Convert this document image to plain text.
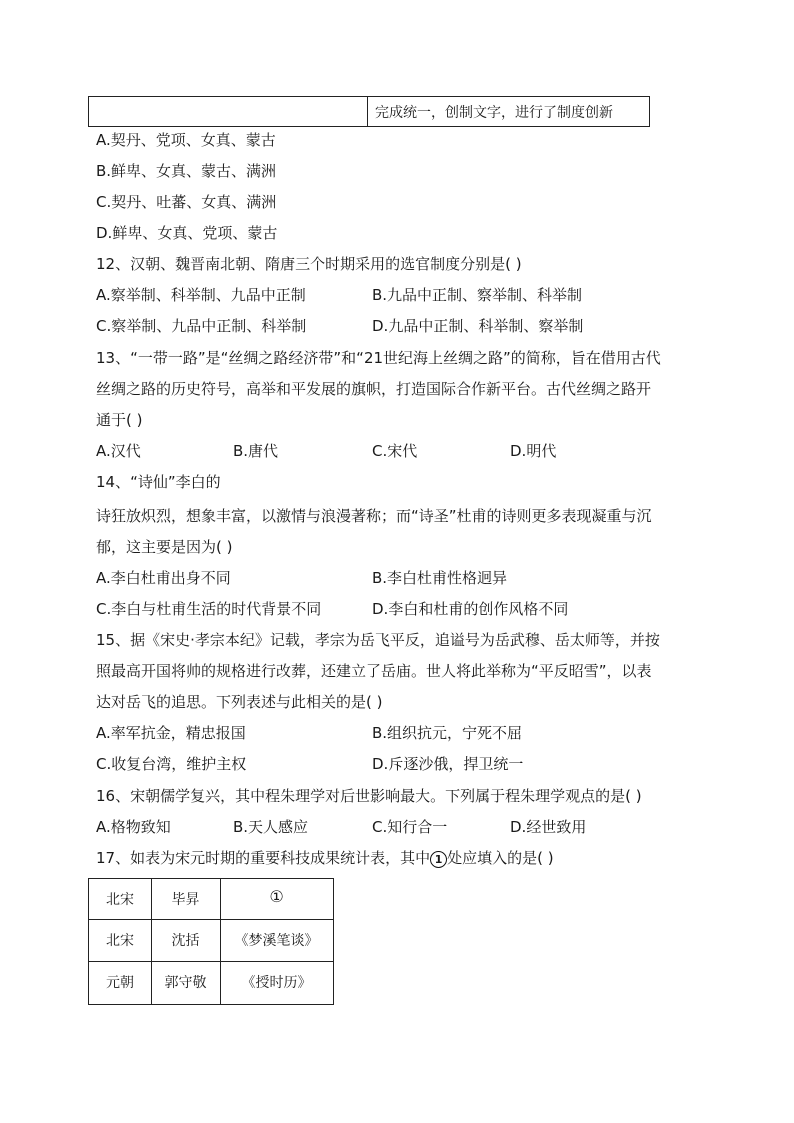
完成统一，创制文字，进行了制度创新
A.契丹、党项、女真、蒙古
B.鲜卑、女真、蒙古、满洲
C.契丹、吐蕃、女真、满洲
D.鲜卑、女真、党项、蒙古
12、汉朝、魏晋南北朝、隋唐三个时期采用的选官制度分别是( )
A.察举制、科举制、九品中正制	B.九品中正制、察举制、科举制
C.察举制、九品中正制、科举制	D.九品中正制、科举制、察举制
13、“一带一路”是“丝绸之路经济带”和“21世纪海上丝绸之路”的简称，旨在借用古代
丝绸之路的历史符号，高举和平发展的旗帜，打造国际合作新平台。古代丝绸之路开
通于( )
A.汉代	B.唐代	C.宋代	D.明代
14、“诗仙”李白的
诗狂放炽烈，想象丰富，以激情与浪漫著称；而“诗圣”杜甫的诗则更多表现凝重与沉
郁，这主要是因为( )
A.李白杜甫出身不同	B.李白杜甫性格迥异
C.李白与杜甫生活的时代背景不同	D.李白和杜甫的创作风格不同
15、据《宋史·孝宗本纪》记载，孝宗为岳飞平反，追谥号为岳武穆、岳太师等，并按
照最高开国将帅的规格进行改葬，还建立了岳庙。世人将此举称为“平反昭雪”，以表
达对岳飞的追思。下列表述与此相关的是( )
A.率军抗金，精忠报国	B.组织抗元，宁死不屈
C.收复台湾，维护主权	D.斥逐沙俄，捍卫统一
16、宋朝儒学复兴，其中程朱理学对后世影响最大。下列属于程朱理学观点的是( )
A.格物致知	B.天人感应	C.知行合一	D.经世致用
17、如表为宋元时期的重要科技成果统计表，其中 1 处应填入的是( )
北宋	毕昇	①
北宋	沈括	《梦溪笔谈》
元朝	郭守敬	《授时历》
